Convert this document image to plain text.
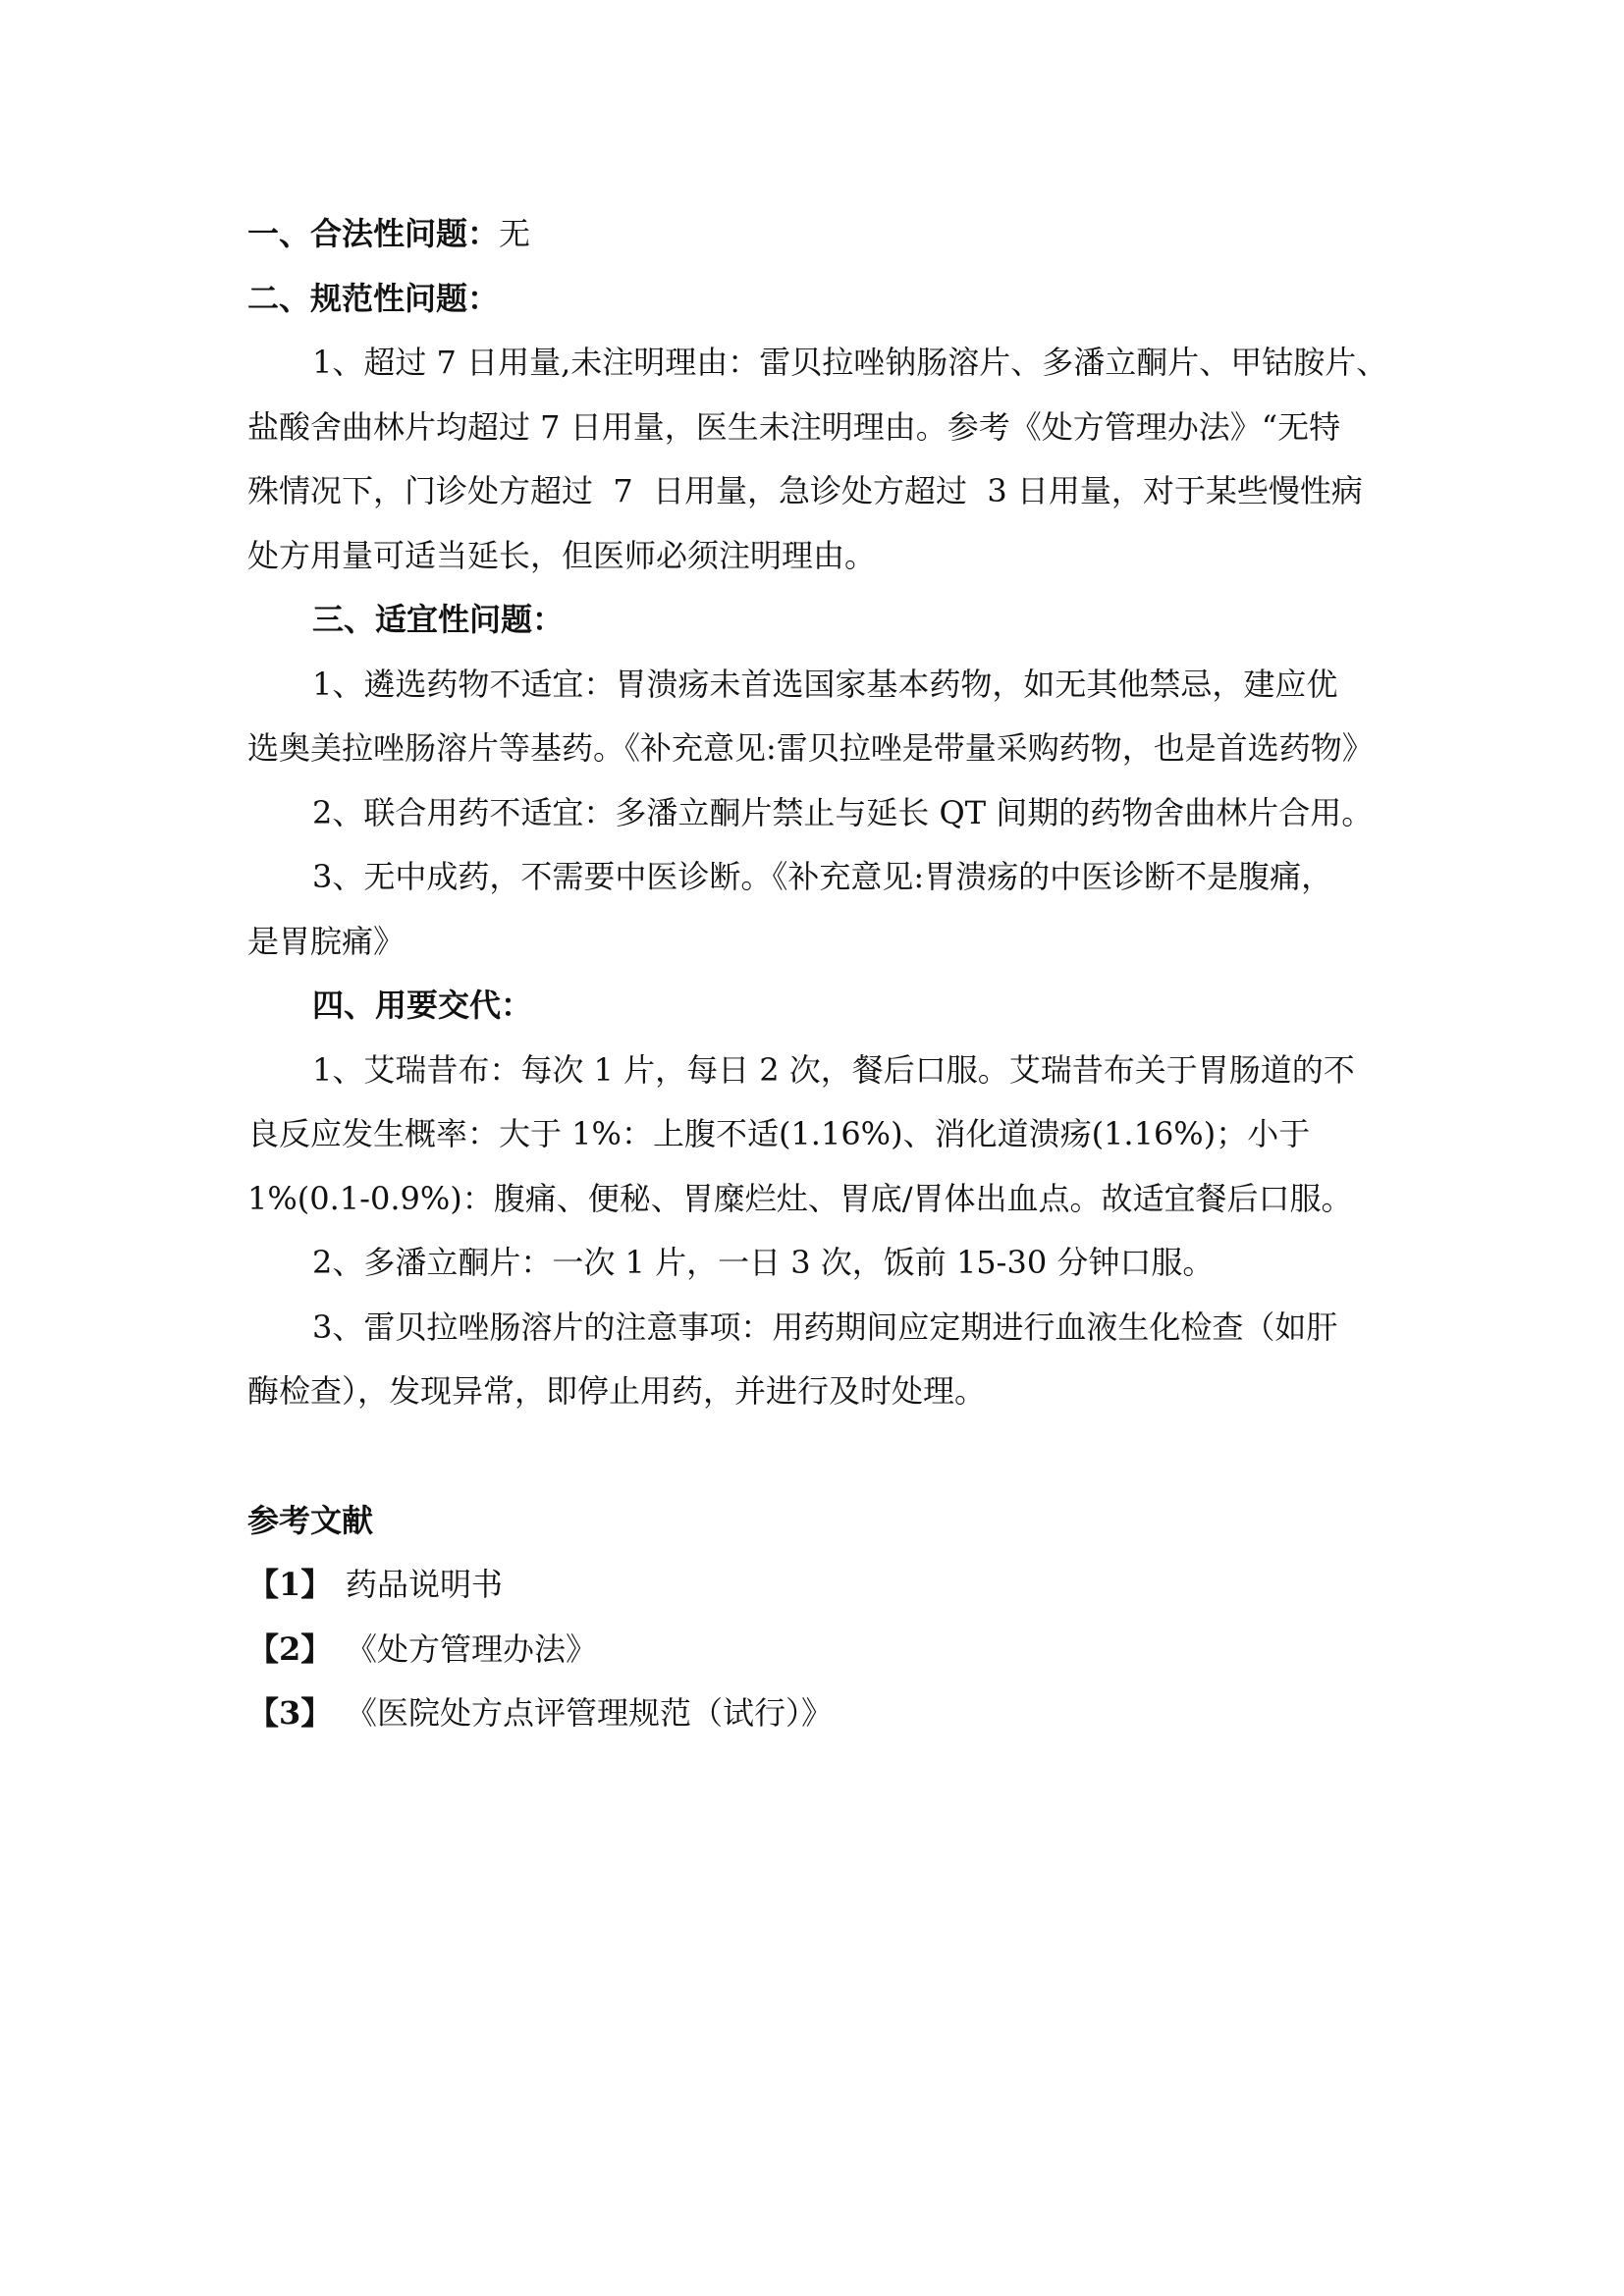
一、合法性问题：无

二、规范性问题：

1、超过 7 日用量,未注明理由：雷贝拉唑钠肠溶片、多潘立酮片、甲钴胺片、

盐酸舍曲林片均超过 7 日用量，医生未注明理由。参考《处方管理办法》“无特

殊情况下，门诊处方超过  7  日用量，急诊处方超过  3 日用量，对于某些慢性病

处方用量可适当延长，但医师必须注明理由。

三、适宜性问题：

1、遴选药物不适宜：胃溃疡未首选国家基本药物，如无其他禁忌，建应优

选奥美拉唑肠溶片等基药。《补充意见:雷贝拉唑是带量采购药物，也是首选药物》

2、联合用药不适宜：多潘立酮片禁止与延长 QT 间期的药物舍曲林片合用。

3、无中成药，不需要中医诊断。《补充意见:胃溃疡的中医诊断不是腹痛，

是胃脘痛》

四、用要交代：

1、艾瑞昔布：每次 1 片，每日 2 次，餐后口服。艾瑞昔布关于胃肠道的不

良反应发生概率：大于 1%：上腹不适(1.16%)、消化道溃疡(1.16%)；小于

1%(0.1-0.9%)：腹痛、便秘、胃糜烂灶、胃底/胃体出血点。故适宜餐后口服。

2、多潘立酮片：一次 1 片，一日 3 次，饭前 15-30 分钟口服。

3、雷贝拉唑肠溶片的注意事项：用药期间应定期进行血液生化检查（如肝

酶检查），发现异常，即停止用药，并进行及时处理。

参考文献

【1】 药品说明书

【2】 《处方管理办法》

【3】 《医院处方点评管理规范（试行）》
